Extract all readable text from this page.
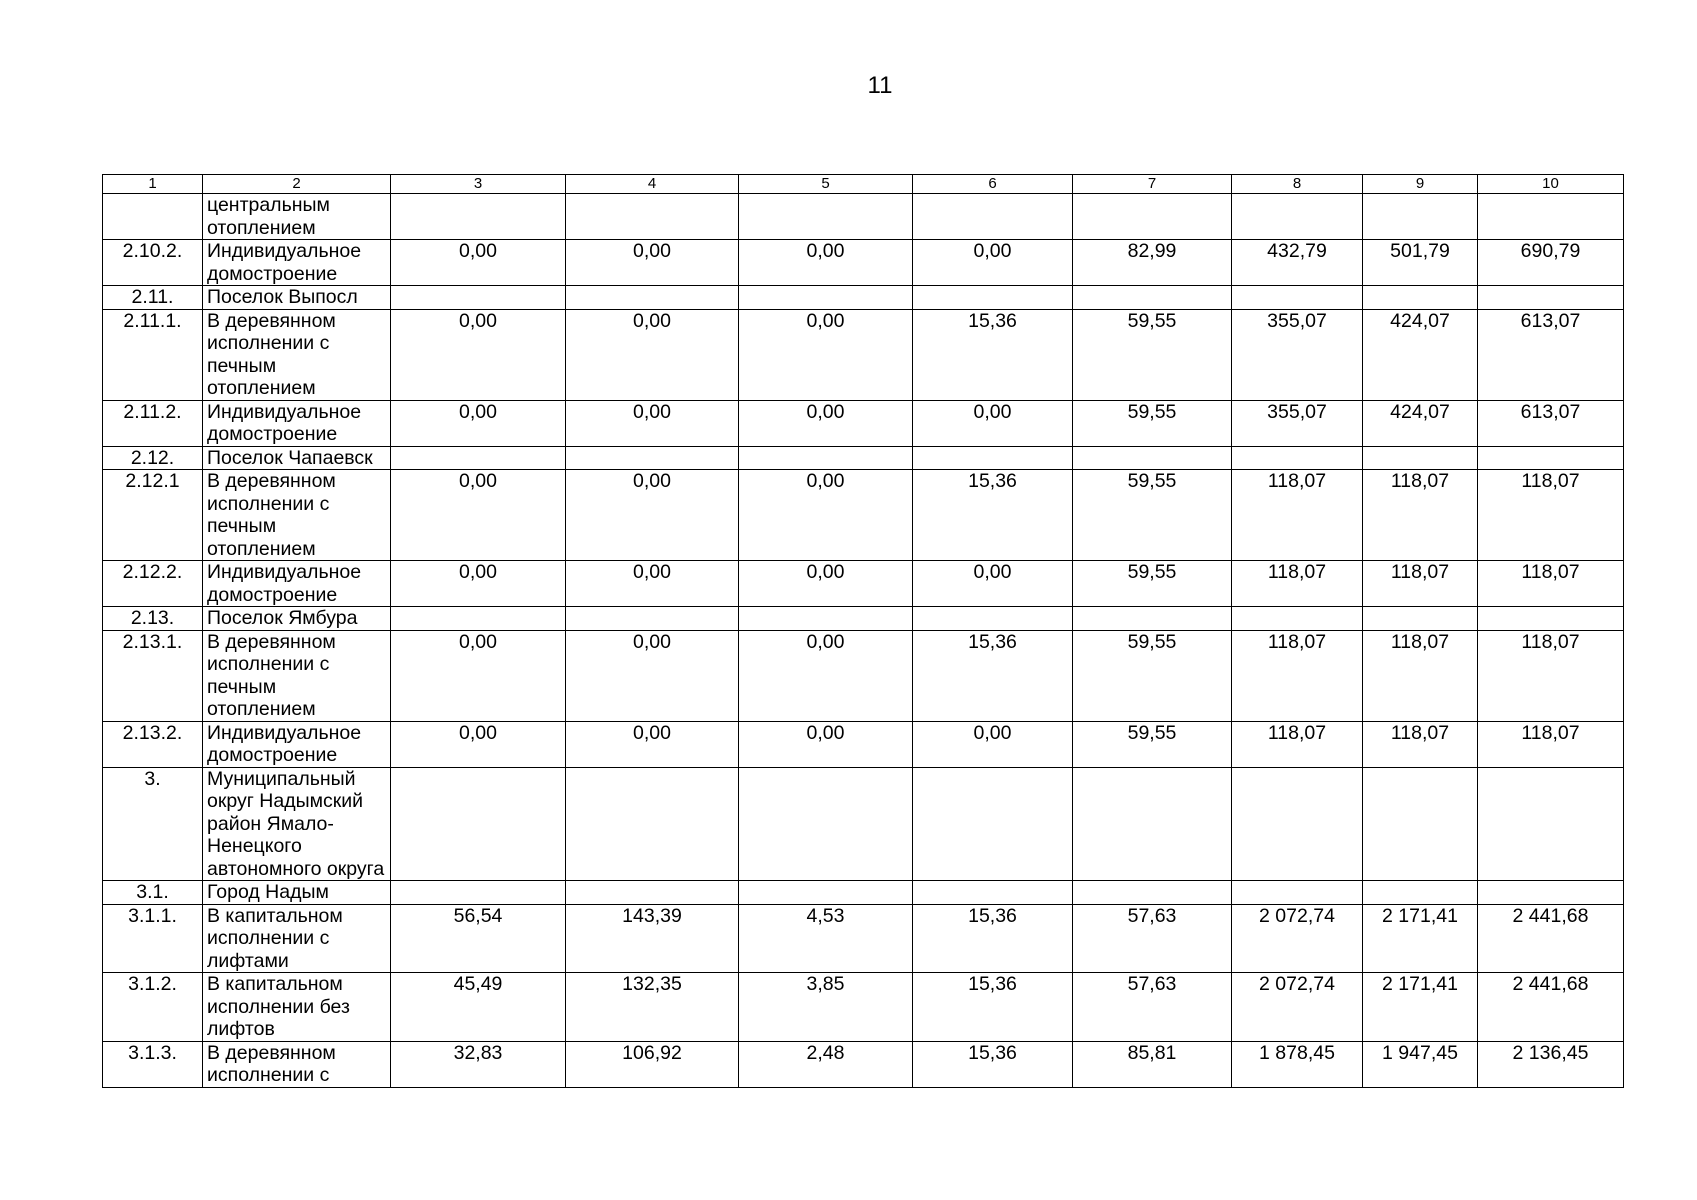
11
1	2	3	4	5	6	7	8	9	10
	центральным отоплением								
2.10.2.	Индивидуальное домостроение	0,00	0,00	0,00	0,00	82,99	432,79	501,79	690,79
2.11.	Поселок Выпосл								
2.11.1.	В деревянном исполнении с печным отоплением	0,00	0,00	0,00	15,36	59,55	355,07	424,07	613,07
2.11.2.	Индивидуальное домостроение	0,00	0,00	0,00	0,00	59,55	355,07	424,07	613,07
2.12.	Поселок Чапаевск								
2.12.1	В деревянном исполнении с печным отоплением	0,00	0,00	0,00	15,36	59,55	118,07	118,07	118,07
2.12.2.	Индивидуальное домостроение	0,00	0,00	0,00	0,00	59,55	118,07	118,07	118,07
2.13.	Поселок Ямбура								
2.13.1.	В деревянном исполнении с печным отоплением	0,00	0,00	0,00	15,36	59,55	118,07	118,07	118,07
2.13.2.	Индивидуальное домостроение	0,00	0,00	0,00	0,00	59,55	118,07	118,07	118,07
3.	Муниципальный округ Надымский район Ямало-Ненецкого автономного округа								
3.1.	Город Надым								
3.1.1.	В капитальном исполнении с лифтами	56,54	143,39	4,53	15,36	57,63	2 072,74	2 171,41	2 441,68
3.1.2.	В капитальном исполнении без лифтов	45,49	132,35	3,85	15,36	57,63	2 072,74	2 171,41	2 441,68
3.1.3.	В деревянном исполнении с	32,83	106,92	2,48	15,36	85,81	1 878,45	1 947,45	2 136,45
